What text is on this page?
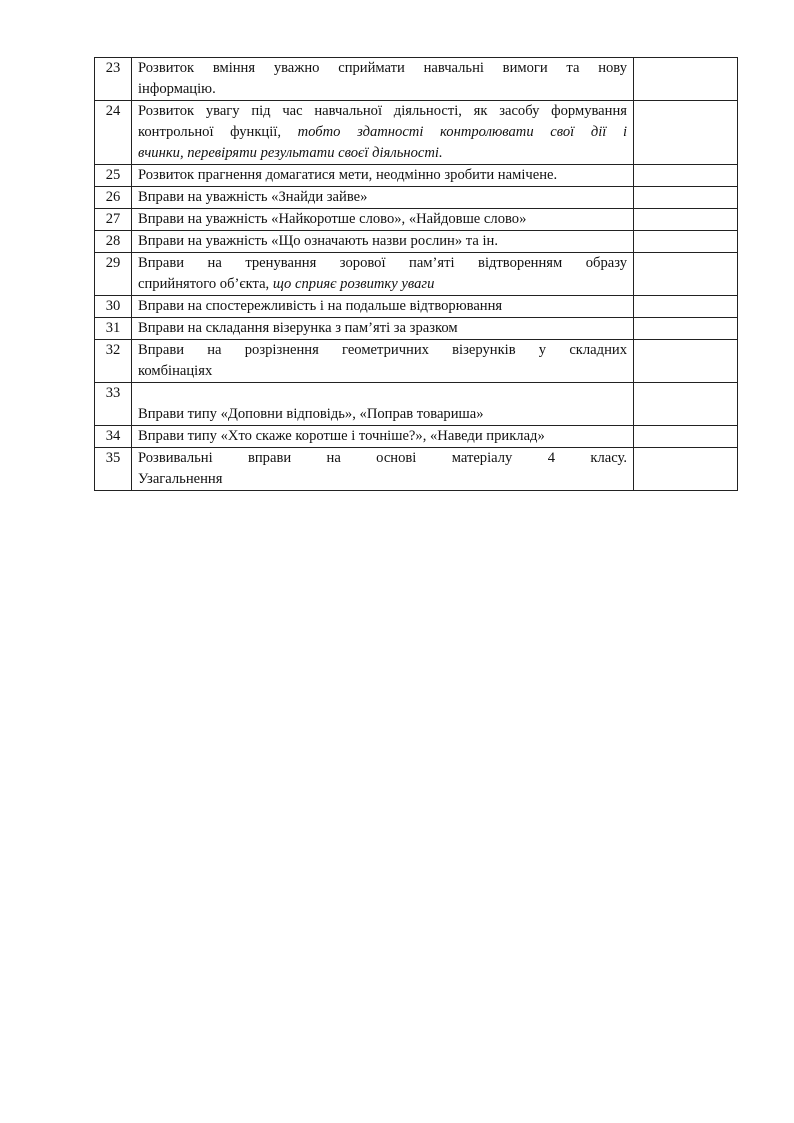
23	Розвиток вміння уважно сприймати навчальні вимоги та нову
інформацію.	

24	Розвиток увагу під час навчальної діяльності, як засобу формування
контрольної функції, тобто здатності контролювати свої дії і
вчинки, перевіряти результати своєї діяльності.	

25	Розвиток прагнення домагатися мети, неодмінно зробити намічене.	

26	Вправи на уважність «Знайди зайве»	

27	Вправи на уважність «Найкоротше слово», «Найдовше слово»	

28	Вправи на уважність «Що означають назви рослин» та ін.	

29	Вправи на тренування зорової пам’яті відтворенням образу
сприйнятого об’єкта, що сприяє розвитку уваги	

30	Вправи на спостережливість і на подальше відтворювання	

31	Вправи на складання візерунка з пам’яті за зразком	

32	Вправи на розрізнення геометричних візерунків у складних
комбінаціях	

33	Вправи типу «Доповни відповідь», «Поправ товариша»	

34	Вправи типу «Хто скаже коротше і точніше?», «Наведи приклад»	

35	Розвивальні вправи на основі матеріалу 4 класу.
Узагальнення	
